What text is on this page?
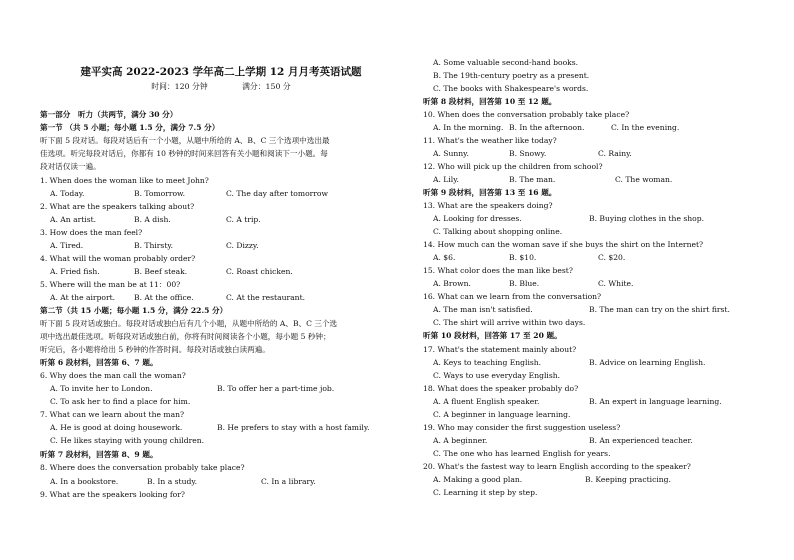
建平实高 2022-2023 学年高二上学期 12 月月考英语试题
时间：120 分钟	满分：150 分
第一部分　听力（共两节，满分 30 分）
第一节 （共 5 小题；每小题 1.5 分，满分 7.5 分）
听下面 5 段对话。每段对话后有一个小题，从题中所给的 A、B、C 三个选项中选出最
佳选项。听完每段对话后，你都有 10 秒钟的时间来回答有关小题和阅读下一小题。每
段对话仅读一遍。
1. When does the woman like to meet John?
A. Today.	B. Tomorrow.	C. The day after tomorrow
2. What are the speakers talking about?
A. An artist.	B. A dish.	C. A trip.
3. How does the man feel?
A. Tired.	B. Thirsty.	C. Dizzy.
4. What will the woman probably order?
A. Fried fish.	B. Beef steak.	C. Roast chicken.
5. Where will the man be at 11：00?
A. At the airport. B. At the office.	C. At the restaurant.
第二节（共 15 小题；每小题 1.5 分，满分 22.5 分）
听下面 5 段对话或独白。每段对话或独白后有几个小题，从题中所给的 A、B、C 三个选
项中选出最佳选项。听每段对话或独白前，你将有时间阅读各个小题，每小题 5 秒钟；
听完后，各小题将给出 5 秒钟的作答时间。每段对话或独白读两遍。
听第 6 段材料，回答第 6、7 题。
6. Why does the man call the woman?
A. To invite her to London.	B. To offer her a part-time job.
C. To ask her to find a place for him.
7. What can we learn about the man?
A. He is good at doing housework.	B. He prefers to stay with a host family.
C. He likes staying with young children.
听第 7 段材料，回答第 8、9 题。
8. Where does the conversation probably take place?
A. In a bookstore.	B. In a study.	C. In a library.
9. What are the speakers looking for?
A. Some valuable second-hand books.
B. The 19th-century poetry as a present.
C. The books with Shakespeare's words.
听第 8 段材料，回答第 10 至 12 题。
10. When does the conversation probably take place?
A. In the morning. B. In the afternoon.	C. In the evening.
11. What's the weather like today?
A. Sunny.	B. Snowy.	C. Rainy.
12. Who will pick up the children from school?
A. Lily.	B. The man.	C. The woman.
听第 9 段材料，回答第 13 至 16 题。
13. What are the speakers doing?
A. Looking for dresses.	B. Buying clothes in the shop.
C. Talking about shopping online.
14. How much can the woman save if she buys the shirt on the Internet?
A. $6.	B. $10.	C. $20.
15. What color does the man like best?
A. Brown.	B. Blue.	C. White.
16. What can we learn from the conversation?
A. The man isn't satisfied.	B. The man can try on the shirt first.
C. The shirt will arrive within two days.
听第 10 段材料，回答第 17 至 20 题。
17. What's the statement mainly about?
A. Keys to teaching English.	B. Advice on learning English.
C. Ways to use everyday English.
18. What does the speaker probably do?
A. A fluent English speaker.	B. An expert in language learning.
C. A beginner in language learning.
19. Who may consider the first suggestion useless?
A. A beginner.	B. An experienced teacher.
C. The one who has learned English for years.
20. What's the fastest way to learn English according to the speaker?
A. Making a good plan.	B. Keeping practicing.
C. Learning it step by step.
